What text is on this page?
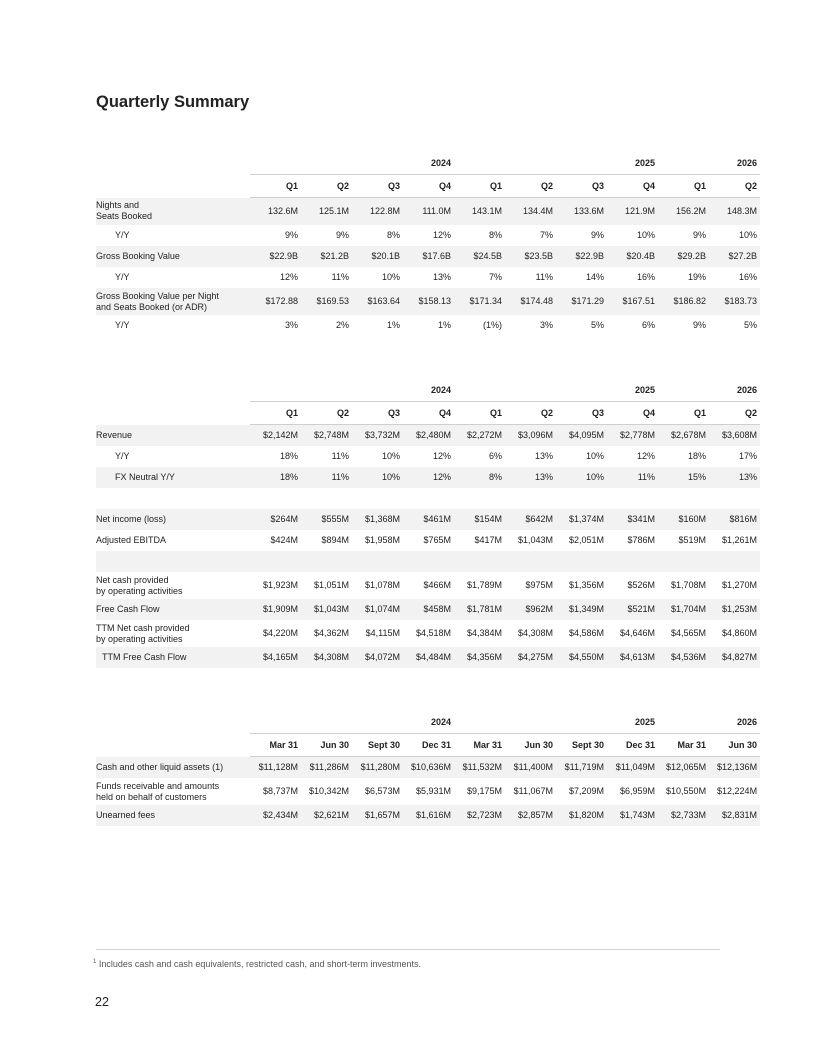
Quarterly Summary
	2024				2025				2026	
	Q1	Q2	Q3	Q4	Q1	Q2	Q3	Q4	Q1	Q2
Nights and
Seats Booked	132.6M	125.1M	122.8M	111.0M	143.1M	134.4M	133.6M	121.9M	156.2M	148.3M
Y/Y	9%	9%	8%	12%	8%	7%	9%	10%	9%	10%
Gross Booking Value	$22.9B	$21.2B	$20.1B	$17.6B	$24.5B	$23.5B	$22.9B	$20.4B	$29.2B	$27.2B
Y/Y	12%	11%	10%	13%	7%	11%	14%	16%	19%	16%
Gross Booking Value per Night
and Seats Booked (or ADR)	$172.88	$169.53	$163.64	$158.13	$171.34	$174.48	$171.29	$167.51	$186.82	$183.73
Y/Y	3%	2%	1%	1%	(1%)	3%	5%	6%	9%	5%
	2024				2025				2026	
	Q1	Q2	Q3	Q4	Q1	Q2	Q3	Q4	Q1	Q2
Revenue	$2,142M	$2,748M	$3,732M	$2,480M	$2,272M	$3,096M	$4,095M	$2,778M	$2,678M	$3,608M
Y/Y	18%	11%	10%	12%	6%	13%	10%	12%	18%	17%
FX Neutral Y/Y	18%	11%	10%	12%	8%	13%	10%	11%	15%	13%

Net income (loss)	$264M	$555M	$1,368M	$461M	$154M	$642M	$1,374M	$341M	$160M	$816M
Adjusted EBITDA	$424M	$894M	$1,958M	$765M	$417M	$1,043M	$2,051M	$786M	$519M	$1,261M

Net cash provided
by operating activities	$1,923M	$1,051M	$1,078M	$466M	$1,789M	$975M	$1,356M	$526M	$1,708M	$1,270M
Free Cash Flow	$1,909M	$1,043M	$1,074M	$458M	$1,781M	$962M	$1,349M	$521M	$1,704M	$1,253M
TTM Net cash provided
by operating activities	$4,220M	$4,362M	$4,115M	$4,518M	$4,384M	$4,308M	$4,586M	$4,646M	$4,565M	$4,860M
TTM Free Cash Flow	$4,165M	$4,308M	$4,072M	$4,484M	$4,356M	$4,275M	$4,550M	$4,613M	$4,536M	$4,827M
	2024				2025				2026	
	Mar 31	Jun 30	Sept 30	Dec 31	Mar 31	Jun 30	Sept 30	Dec 31	Mar 31	Jun 30
Cash and other liquid assets (1)	$11,128M	$11,286M	$11,280M	$10,636M	$11,532M	$11,400M	$11,719M	$11,049M	$12,065M	$12,136M
Funds receivable and amounts
held on behalf of customers	$8,737M	$10,342M	$6,573M	$5,931M	$9,175M	$11,067M	$7,209M	$6,959M	$10,550M	$12,224M
Unearned fees	$2,434M	$2,621M	$1,657M	$1,616M	$2,723M	$2,857M	$1,820M	$1,743M	$2,733M	$2,831M
$^1$ Includes cash and cash equivalents, restricted cash, and short-term investments.
22
